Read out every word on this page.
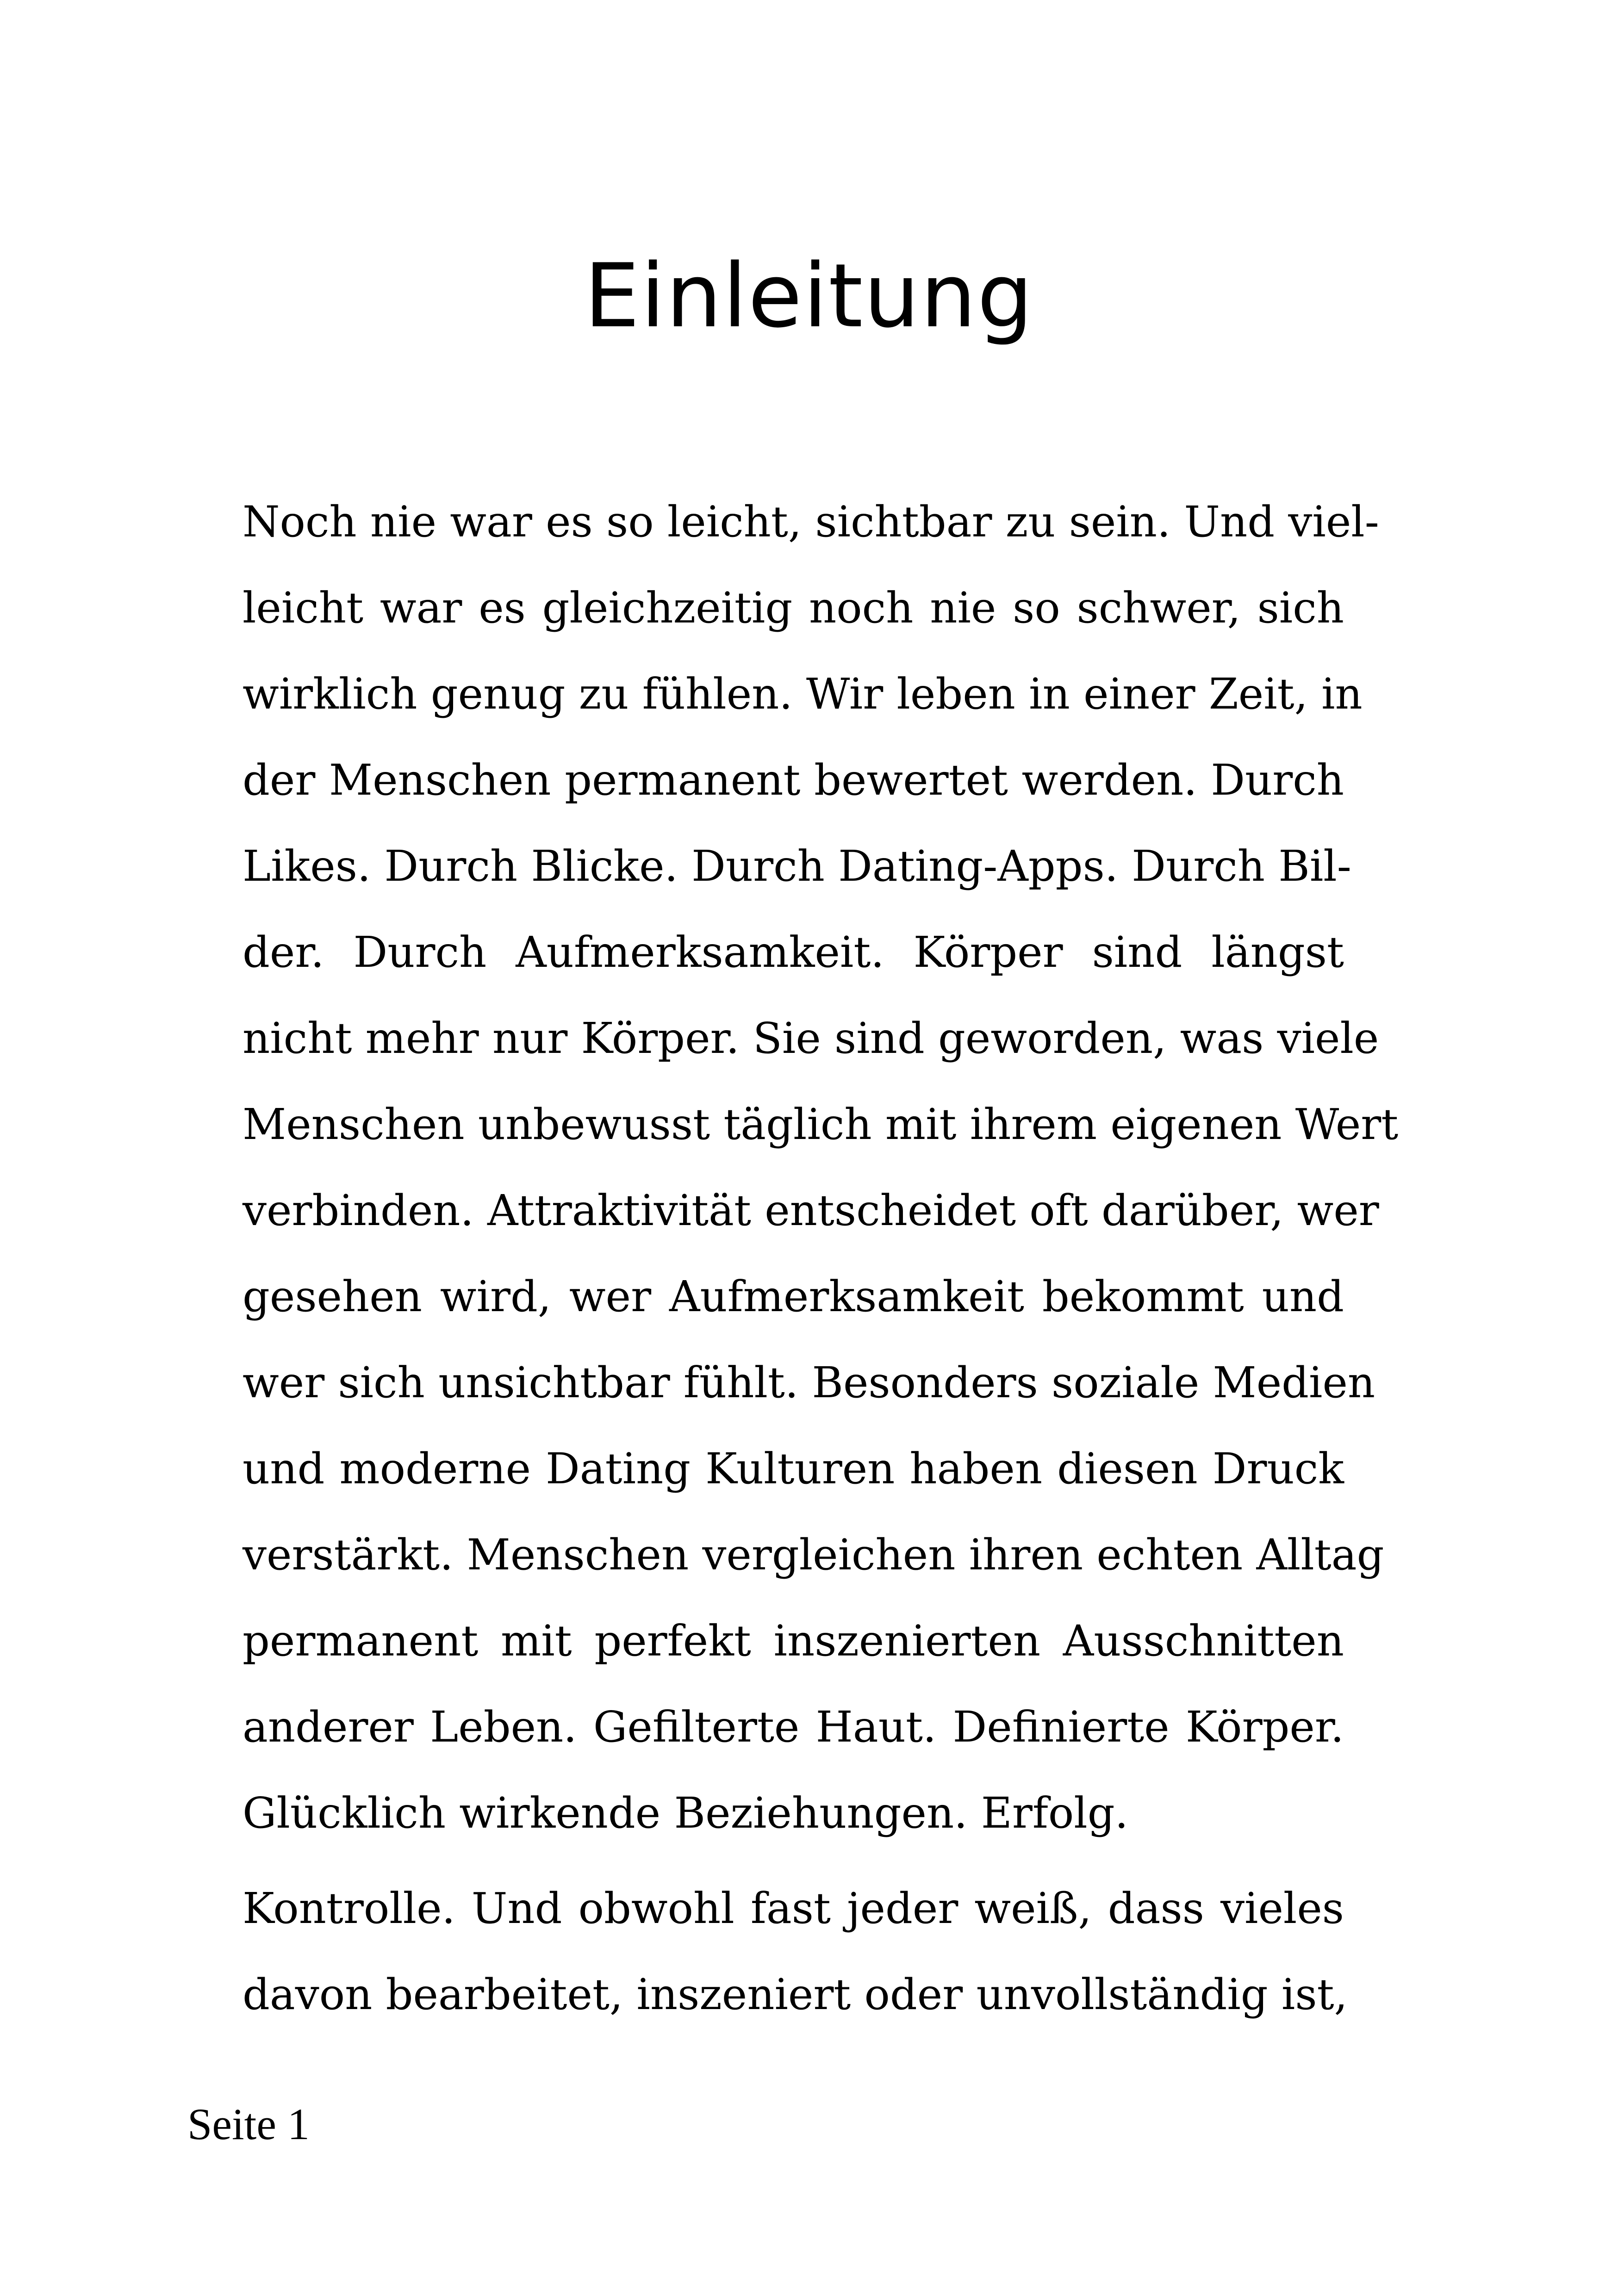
Einleitung
Noch nie war es so leicht, sichtbar zu sein. Und viel-
leicht war es gleichzeitig noch nie so schwer, sich
wirklich genug zu fühlen. Wir leben in einer Zeit, in
der Menschen permanent bewertet werden. Durch
Likes. Durch Blicke. Durch Dating-Apps. Durch Bil-
der. Durch Aufmerksamkeit. Körper sind längst
nicht mehr nur Körper. Sie sind geworden, was viele
Menschen unbewusst täglich mit ihrem eigenen Wert
verbinden. Attraktivität entscheidet oft darüber, wer
gesehen wird, wer Aufmerksamkeit bekommt und
wer sich unsichtbar fühlt. Besonders soziale Medien
und moderne Dating Kulturen haben diesen Druck
verstärkt. Menschen vergleichen ihren echten Alltag
permanent mit perfekt inszenierten Ausschnitten
anderer Leben. Gefilterte Haut. Definierte Körper.
Glücklich wirkende Beziehungen. Erfolg.
Kontrolle. Und obwohl fast jeder weiß, dass vieles
davon bearbeitet, inszeniert oder unvollständig ist,
Seite 1
